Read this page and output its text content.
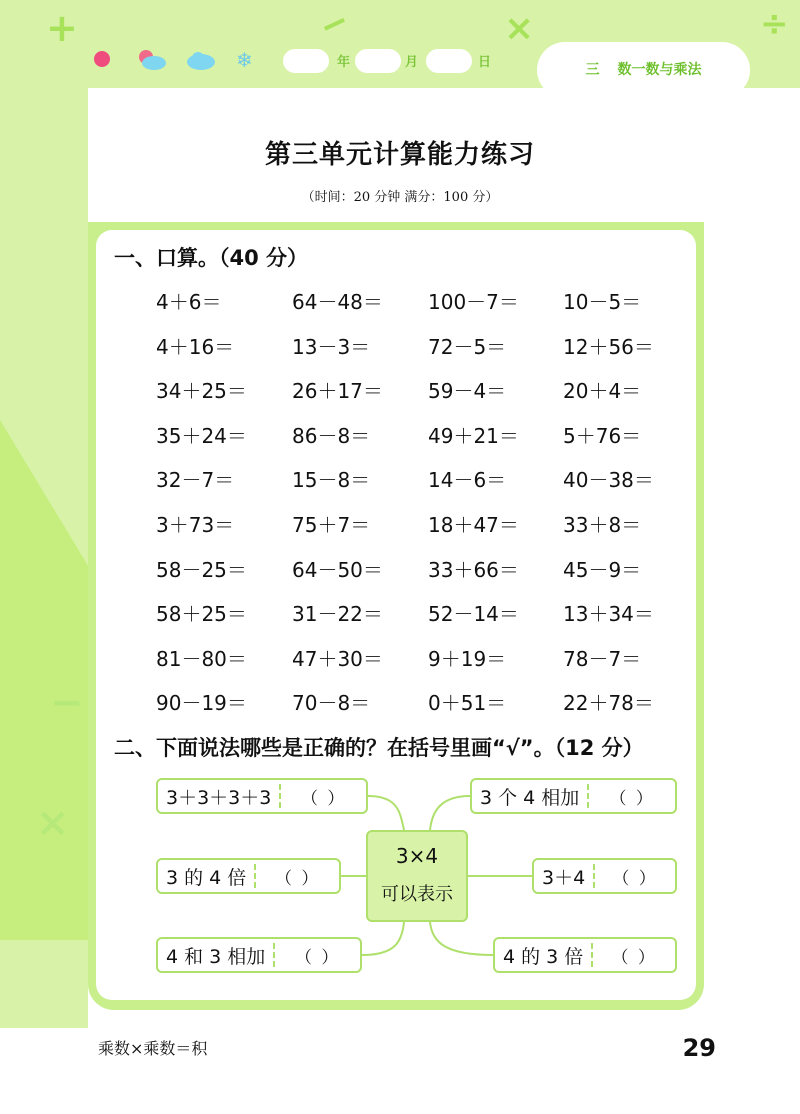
+	−	×	÷
−
×
❄	年	月	日	三 数一数与乘法
第三单元计算能力练习
（时间：20 分钟 满分：100 分）
一、口算。（40 分）
二、下面说法哪些是正确的？在括号里画“√”。（12 分）
3＋3＋3＋3	（ ）
3 的 4 倍	（ ）
4 和 3 相加	（ ）
3 个 4 相加	（ ）
3＋4	（ ）
4 的 3 倍	（ ）
3×4
可以表示
乘数×乘数＝积	29
4＋6＝	64－48＝ 100－7＝ 10－5＝
4＋16＝	13－3＝	72－5＝	12＋56＝
34＋25＝ 26＋17＝ 59－4＝	20＋4＝
35＋24＝ 86－8＝	49＋21＝ 5＋76＝
32－7＝	15－8＝	14－6＝	40－38＝
3＋73＝	75＋7＝	18＋47＝ 33＋8＝
58－25＝ 64－50＝ 33＋66＝ 45－9＝
58＋25＝ 31－22＝ 52－14＝ 13＋34＝
81－80＝ 47＋30＝ 9＋19＝	78－7＝
90－19＝ 70－8＝	0＋51＝	22＋78＝
